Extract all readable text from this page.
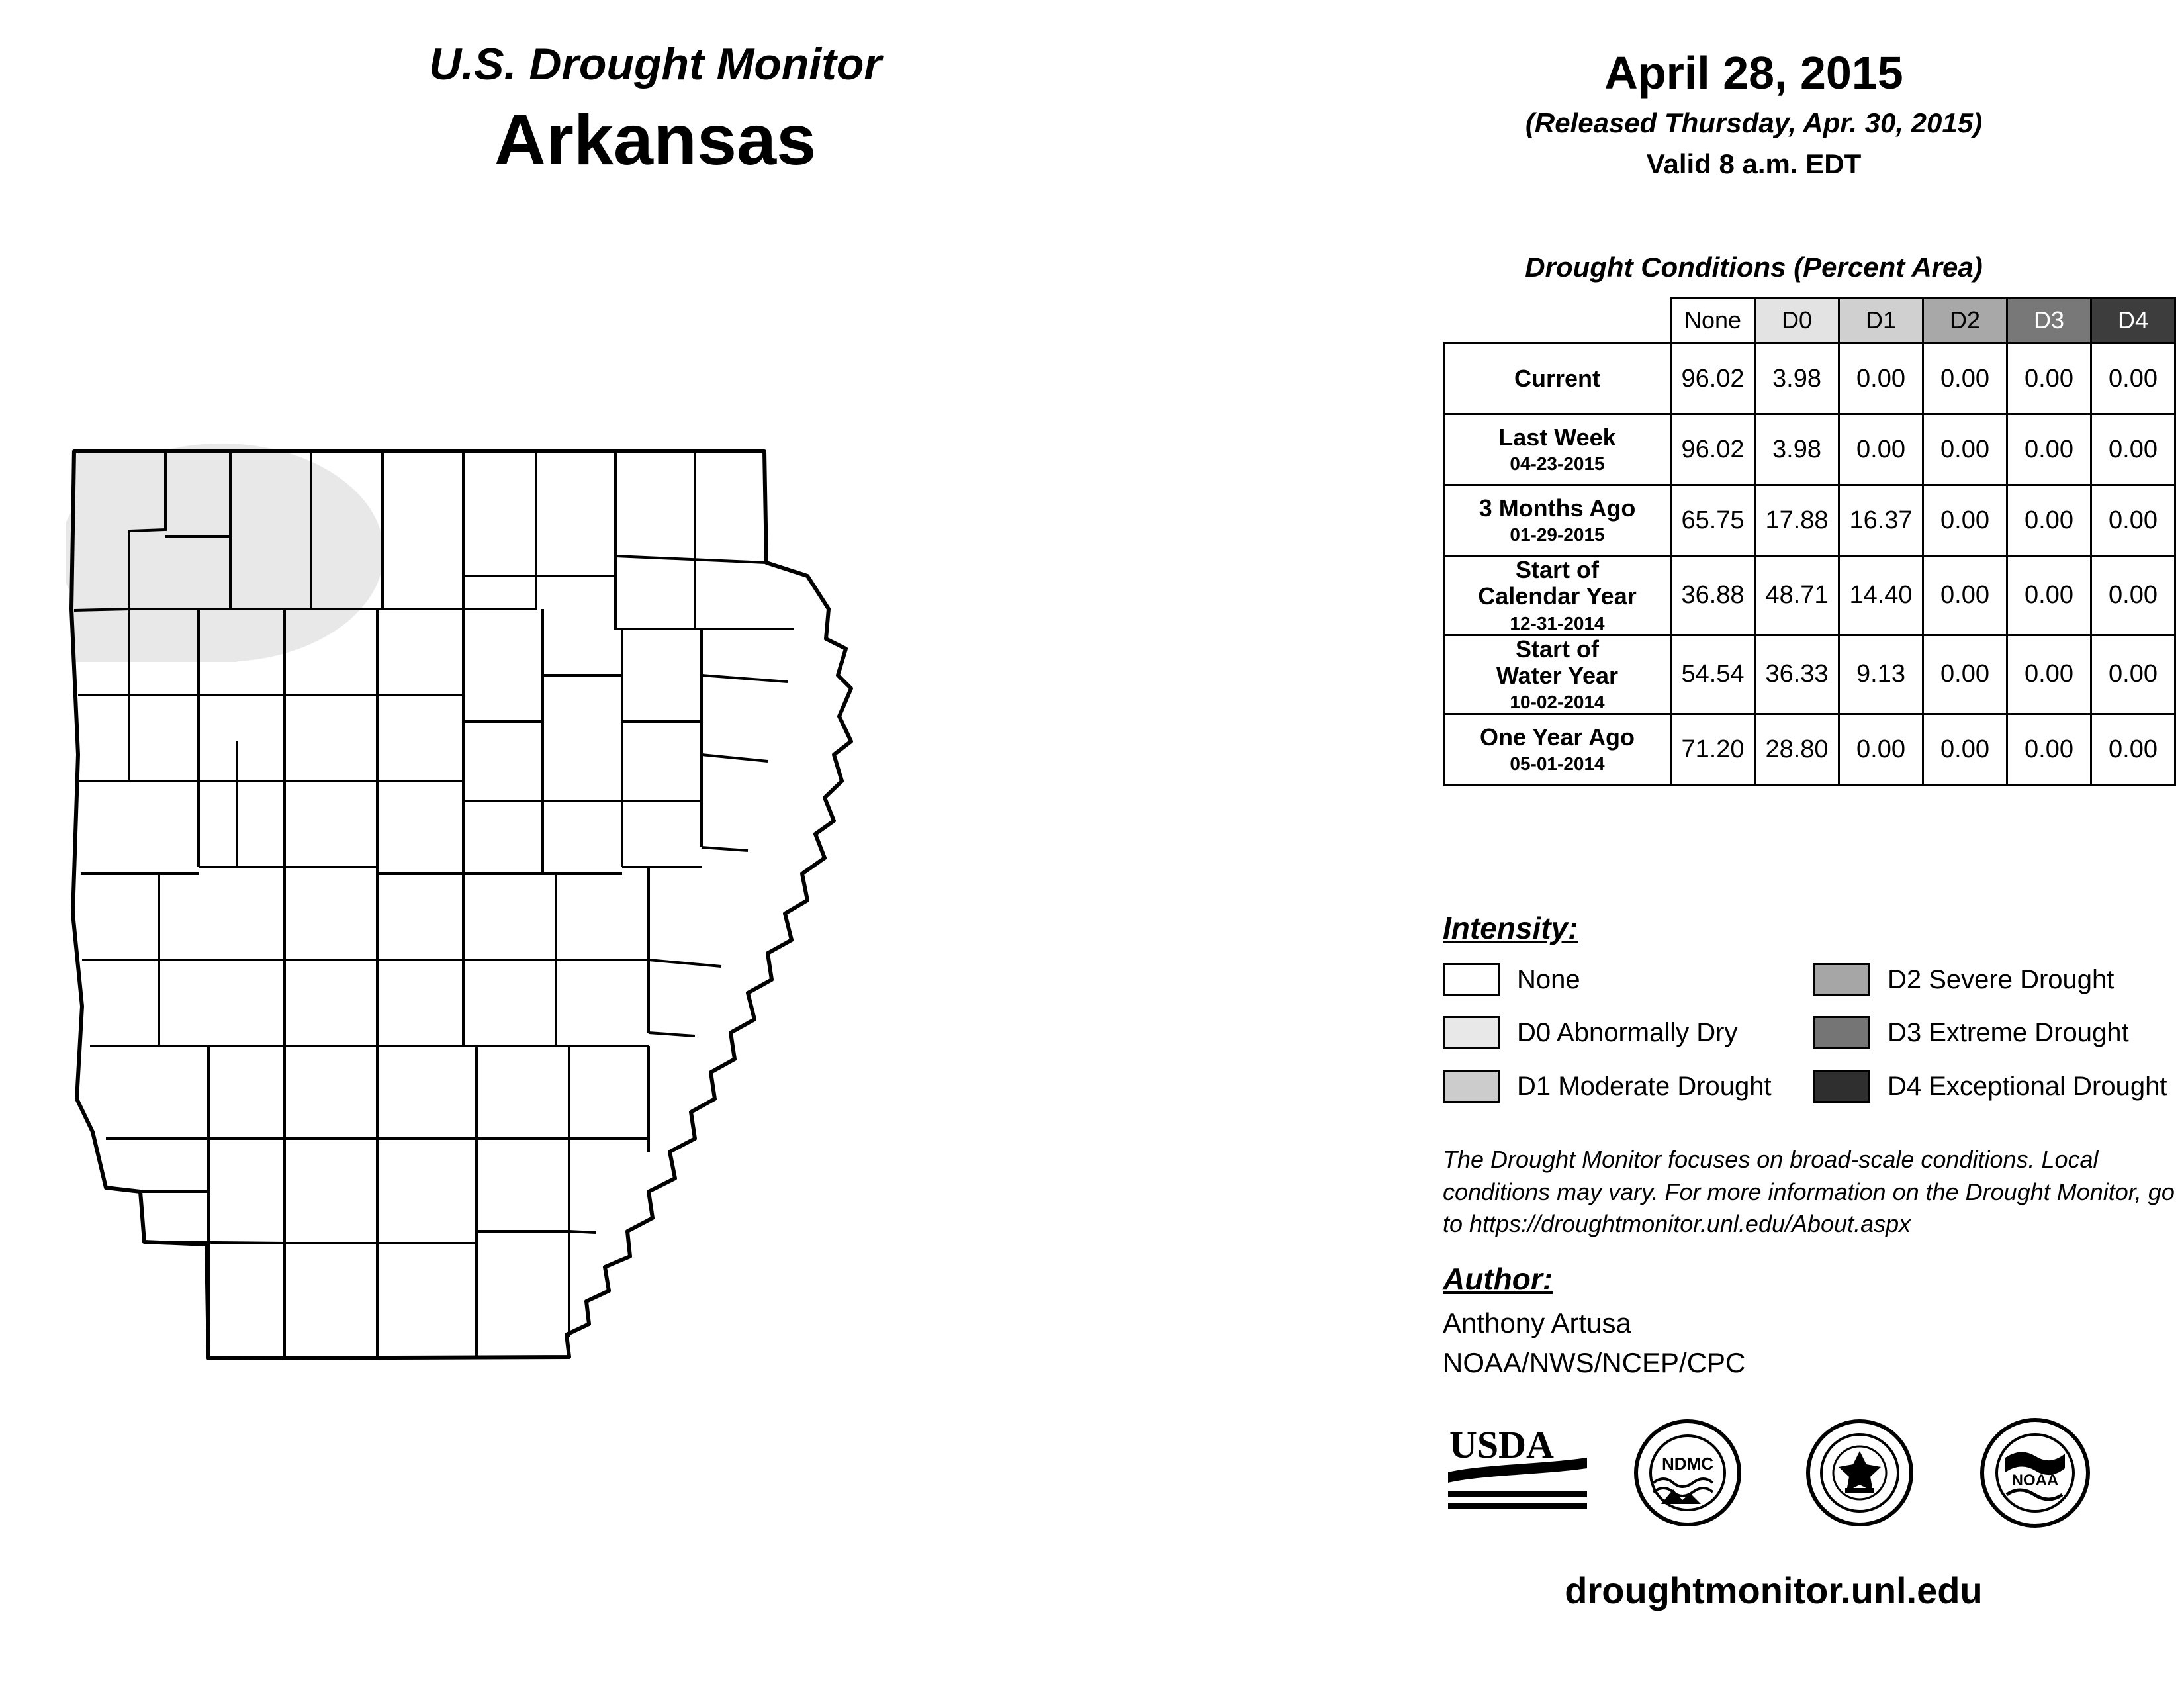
U.S. Drought Monitor
Arkansas
April 28, 2015
(Released Thursday, Apr. 30, 2015)
Valid 8 a.m. EDT
Drought Conditions (Percent Area)
	None	D0	D1	D2	D3	D4

Current	96.02	3.98	0.00	0.00	0.00	0.00

Last Week
04-23-2015	96.02	3.98	0.00	0.00	0.00	0.00

3 Months Ago
01-29-2015	65.75	17.88	16.37	0.00	0.00	0.00

Start of
Calendar Year
12-31-2014	36.88	48.71	14.40	0.00	0.00	0.00

Start of
Water Year
10-02-2014	54.54	36.33	9.13	0.00	0.00	0.00

One Year Ago
05-01-2014	71.20	28.80	0.00	0.00	0.00	0.00
Intensity:
None
D0 Abnormally Dry
D1 Moderate Drought
D2 Severe Drought
D3 Extreme Drought
D4 Exceptional Drought
The Drought Monitor focuses on broad-scale conditions. Local conditions may vary. For more information on the Drought Monitor, go to https://droughtmonitor.unl.edu/About.aspx
Author:
Anthony Artusa
NOAA/NWS/NCEP/CPC
USDA	NDMC
NOAA
droughtmonitor.unl.edu
